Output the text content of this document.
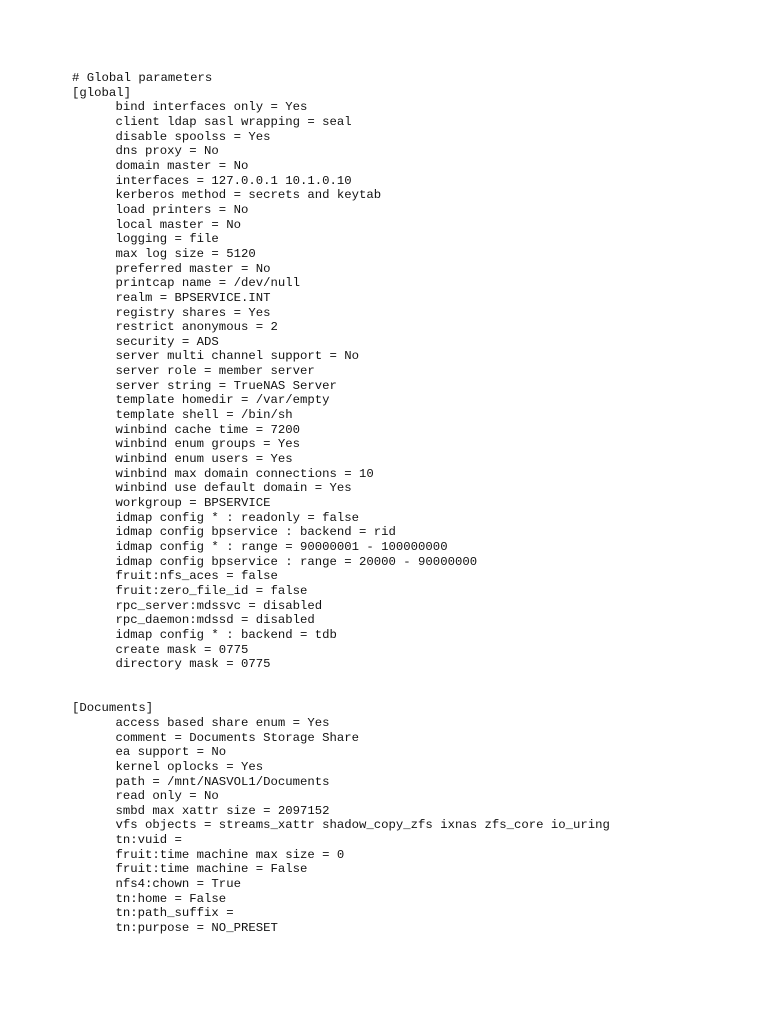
# Global parameters
[global]
bind interfaces only = Yes
client ldap sasl wrapping = seal
disable spoolss = Yes
dns proxy = No
domain master = No
interfaces = 127.0.0.1 10.1.0.10
kerberos method = secrets and keytab
load printers = No
local master = No
logging = file
max log size = 5120
preferred master = No
printcap name = /dev/null
realm = BPSERVICE.INT
registry shares = Yes
restrict anonymous = 2
security = ADS
server multi channel support = No
server role = member server
server string = TrueNAS Server
template homedir = /var/empty
template shell = /bin/sh
winbind cache time = 7200
winbind enum groups = Yes
winbind enum users = Yes
winbind max domain connections = 10
winbind use default domain = Yes
workgroup = BPSERVICE
idmap config * : readonly = false
idmap config bpservice : backend = rid
idmap config * : range = 90000001 - 100000000
idmap config bpservice : range = 20000 - 90000000
fruit:nfs_aces = false
fruit:zero_file_id = false
rpc_server:mdssvc = disabled
rpc_daemon:mdssd = disabled
idmap config * : backend = tdb
create mask = 0775
directory mask = 0775
[Documents]
access based share enum = Yes
comment = Documents Storage Share
ea support = No
kernel oplocks = Yes
path = /mnt/NASVOL1/Documents
read only = No
smbd max xattr size = 2097152
vfs objects = streams_xattr shadow_copy_zfs ixnas zfs_core io_uring
tn:vuid =
fruit:time machine max size = 0
fruit:time machine = False
nfs4:chown = True
tn:home = False
tn:path_suffix =
tn:purpose = NO_PRESET
